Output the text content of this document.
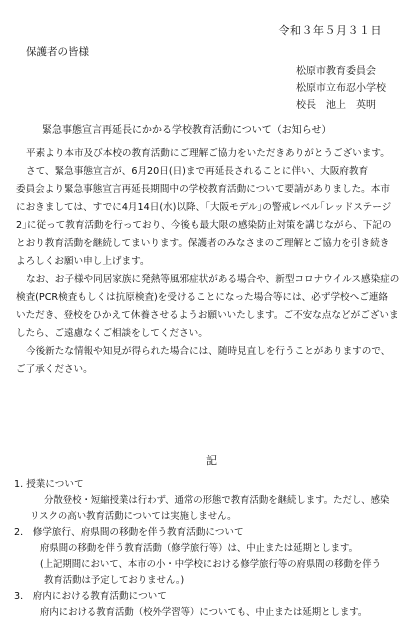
令和３年５月３１日
保護者の皆様
松原市教育委員会
松原市立布忍小学校
校長　池上　英明
緊急事態宣言再延長にかかる学校教育活動について（お知らせ）
平素より本市及び本校の教育活動にご理解ご協力をいただきありがとうございます。
さて、緊急事態宣言が、6月20日(日)まで再延長されることに伴い、大阪府教育
委員会より緊急事態宣言再延長期間中の学校教育活動について要請がありました。本市
におきましては、すでに4月14日(水)以降、｢大阪モデル｣の警戒レベル｢レッドステージ
2｣に従って教育活動を行っており、今後も最大限の感染防止対策を講じながら、下記の
とおり教育活動を継続してまいります。保護者のみなさまのご理解とご協力を引き続き
よろしくお願い申し上げます。
なお、お子様や同居家族に発熱等風邪症状がある場合や、新型コロナウイルス感染症の
検査(PCR検査もしくは抗原検査)を受けることになった場合等には、必ず学校へご連絡
いただき、登校をひかえて休養させるようお願いいたします。ご不安な点などがございま
したら、ご遠慮なくご相談をしてください。
今後新たな情報や知見が得られた場合には、随時見直しを行うことがありますので、
ご了承ください。
記
1. 授業について
分散登校・短縮授業は行わず、通常の形態で教育活動を継続します。ただし、感染
リスクの高い教育活動については実施しません。
2． 修学旅行、府県間の移動を伴う教育活動について
府県間の移動を伴う教育活動（修学旅行等）は、中止または延期とします。
(上記期間において、本市の小・中学校における修学旅行等の府県間の移動を伴う
教育活動は予定しておりません。)
3． 府内における教育活動について
府内における教育活動（校外学習等）についても、中止または延期とします。
